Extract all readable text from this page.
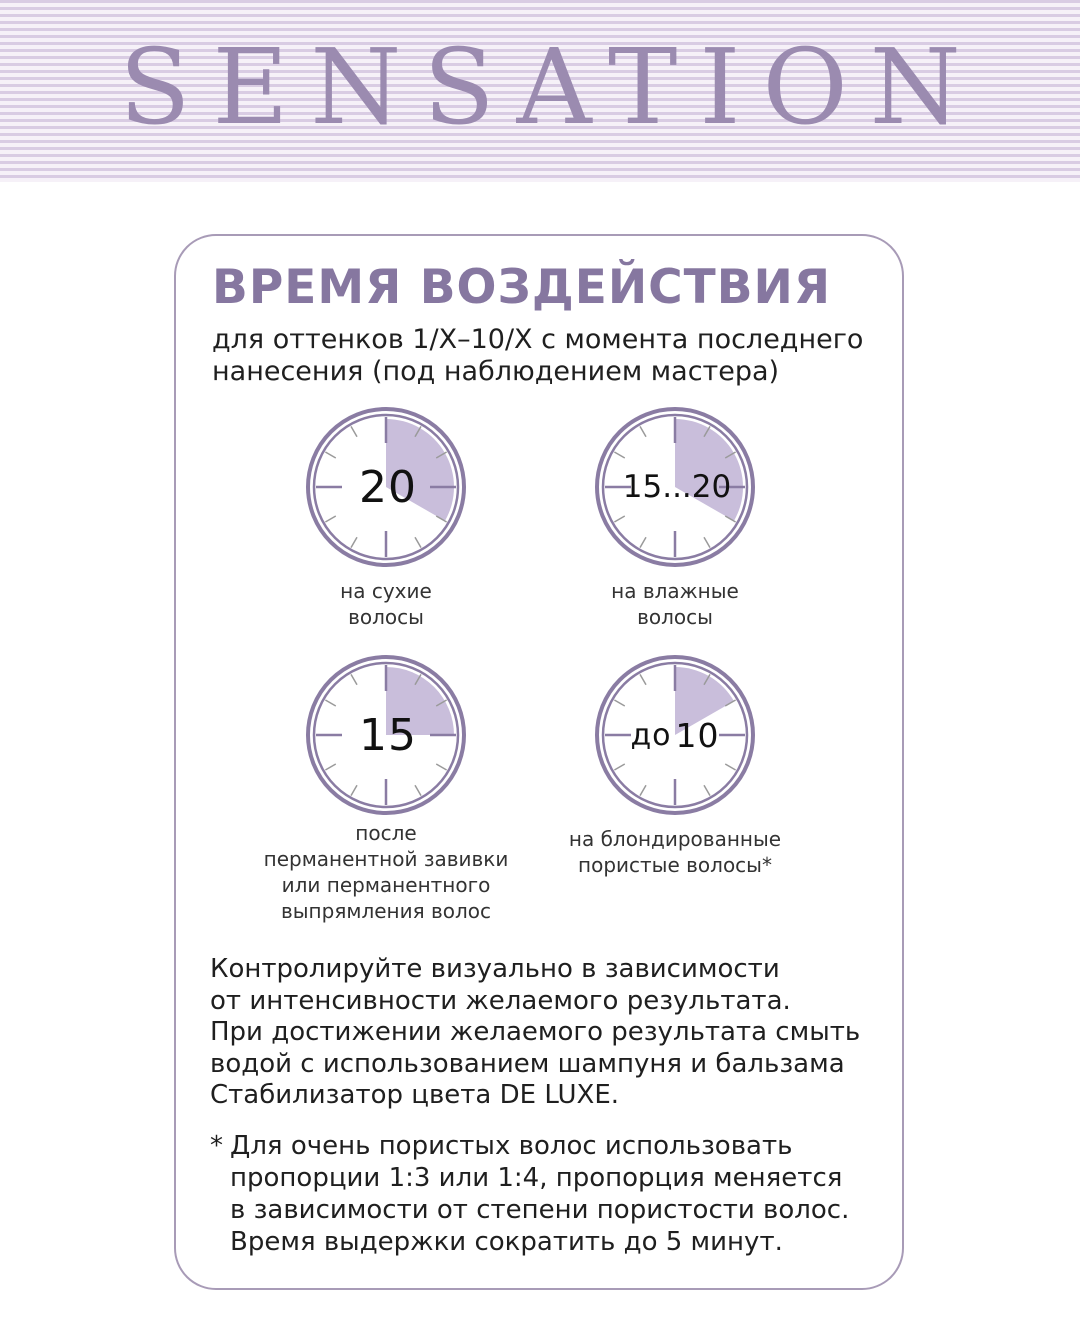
SENSATION
ВРЕМЯ ВОЗДЕЙСТВИЯ
для оттенков 1/X–10/X с момента последнего
нанесения (под наблюдением мастера)
20
на сухие
волосы
15...20
на влажные
волосы
15
после
перманентной завивки
или перманентного
выпрямления волос
до 10
на блондированные
пористые волосы*
Контролируйте визуально в зависимости
от интенсивности желаемого результата.
При достижении желаемого результата смыть
водой с использованием шампуня и бальзама
Стабилизатор цвета DE LUXE.
* Для очень пористых волос использовать
пропорции 1:3 или 1:4, пропорция меняется
в зависимости от степени пористости волос.
Время выдержки сократить до 5 минут.
